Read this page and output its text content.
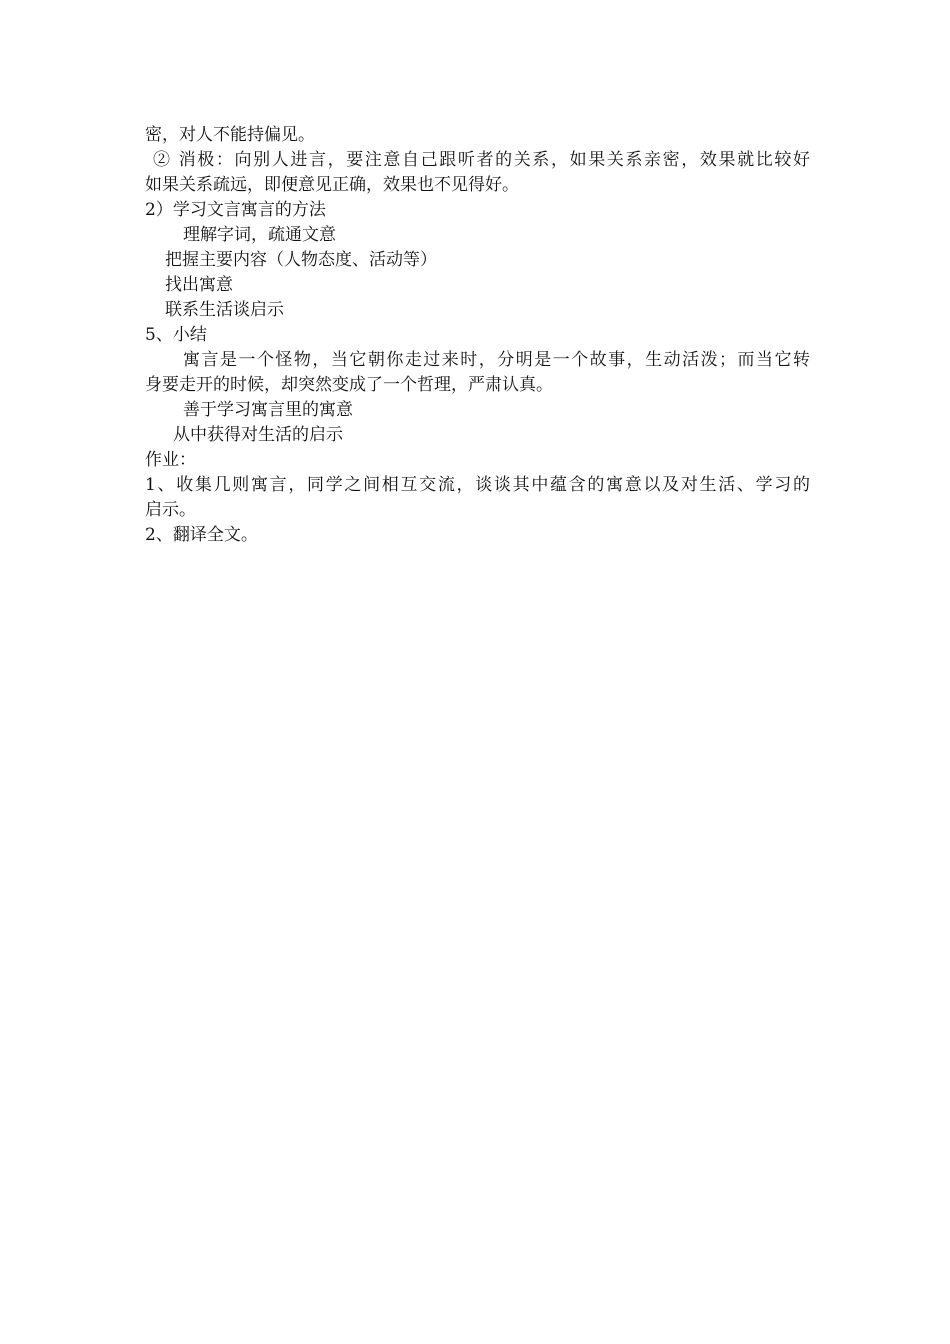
密，对人不能持偏见。
② 消极：向别人进言，要注意自己跟听者的关系，如果关系亲密，效果就比较好
如果关系疏远，即便意见正确，效果也不见得好。
2）学习文言寓言的方法
理解字词，疏通文意
把握主要内容（人物态度、活动等）
找出寓意
联系生活谈启示
5、小结
寓言是一个怪物，当它朝你走过来时，分明是一个故事，生动活泼；而当它转
身要走开的时候，却突然变成了一个哲理，严肃认真。
善于学习寓言里的寓意
从中获得对生活的启示
作业：
1、收集几则寓言，同学之间相互交流，谈谈其中蕴含的寓意以及对生活、学习的
启示。
2、翻译全文。
